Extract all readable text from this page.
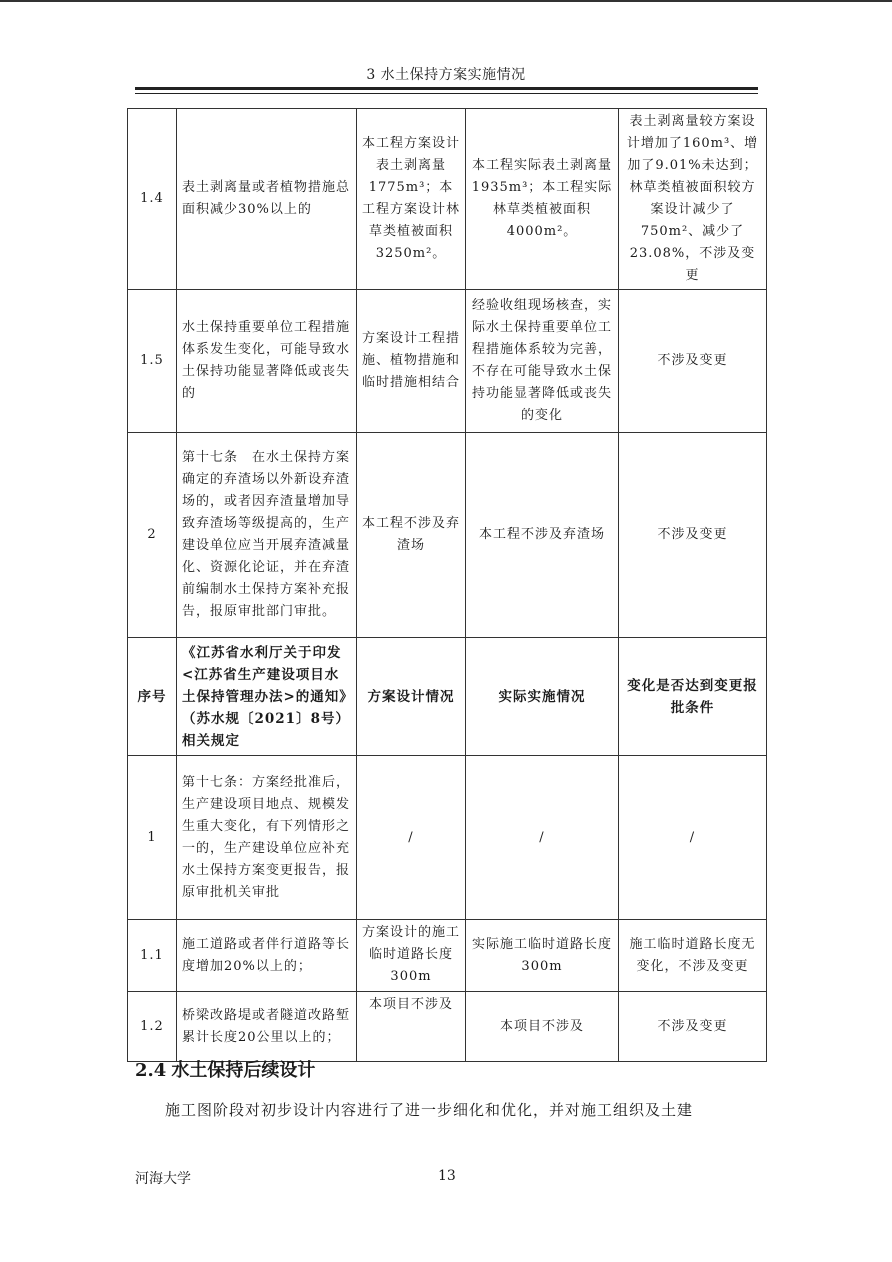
3 水土保持方案实施情况
1.4	表土剥离量或者植物措施总面积减少30%以上的	本工程方案设计表土剥离量1775m³；本工程方案设计林草类植被面积3250m²。	本工程实际表土剥离量1935m³；本工程实际林草类植被面积4000m²。	表土剥离量较方案设计增加了160m³、增加了9.01%未达到；林草类植被面积较方案设计减少了750m²、减少了23.08%，不涉及变更
1.5	水土保持重要单位工程措施体系发生变化，可能导致水土保持功能显著降低或丧失的	方案设计工程措施、植物措施和临时措施相结合	经验收组现场核查，实际水土保持重要单位工程措施体系较为完善，不存在可能导致水土保持功能显著降低或丧失的变化	不涉及变更
2	第十七条　在水土保持方案确定的弃渣场以外新设弃渣场的，或者因弃渣量增加导致弃渣场等级提高的，生产建设单位应当开展弃渣减量化、资源化论证，并在弃渣前编制水土保持方案补充报告，报原审批部门审批。	本工程不涉及弃渣场	本工程不涉及弃渣场	不涉及变更
序号	《江苏省水利厅关于印发<江苏省生产建设项目水土保持管理办法>的通知》（苏水规〔2021〕8号）相关规定	方案设计情况	实际实施情况	变化是否达到变更报批条件
1	第十七条：方案经批准后，生产建设项目地点、规模发生重大变化，有下列情形之一的，生产建设单位应补充水土保持方案变更报告，报原审批机关审批	/	/	/
1.1	施工道路或者伴行道路等长度增加20%以上的；	方案设计的施工临时道路长度300m	实际施工临时道路长度300m	施工临时道路长度无变化，不涉及变更
1.2	桥梁改路堤或者隧道改路堑累计长度20公里以上的；	本项目不涉及	本项目不涉及	不涉及变更
2.4 水土保持后续设计
施工图阶段对初步设计内容进行了进一步细化和优化，并对施工组织及土建
河海大学	13
